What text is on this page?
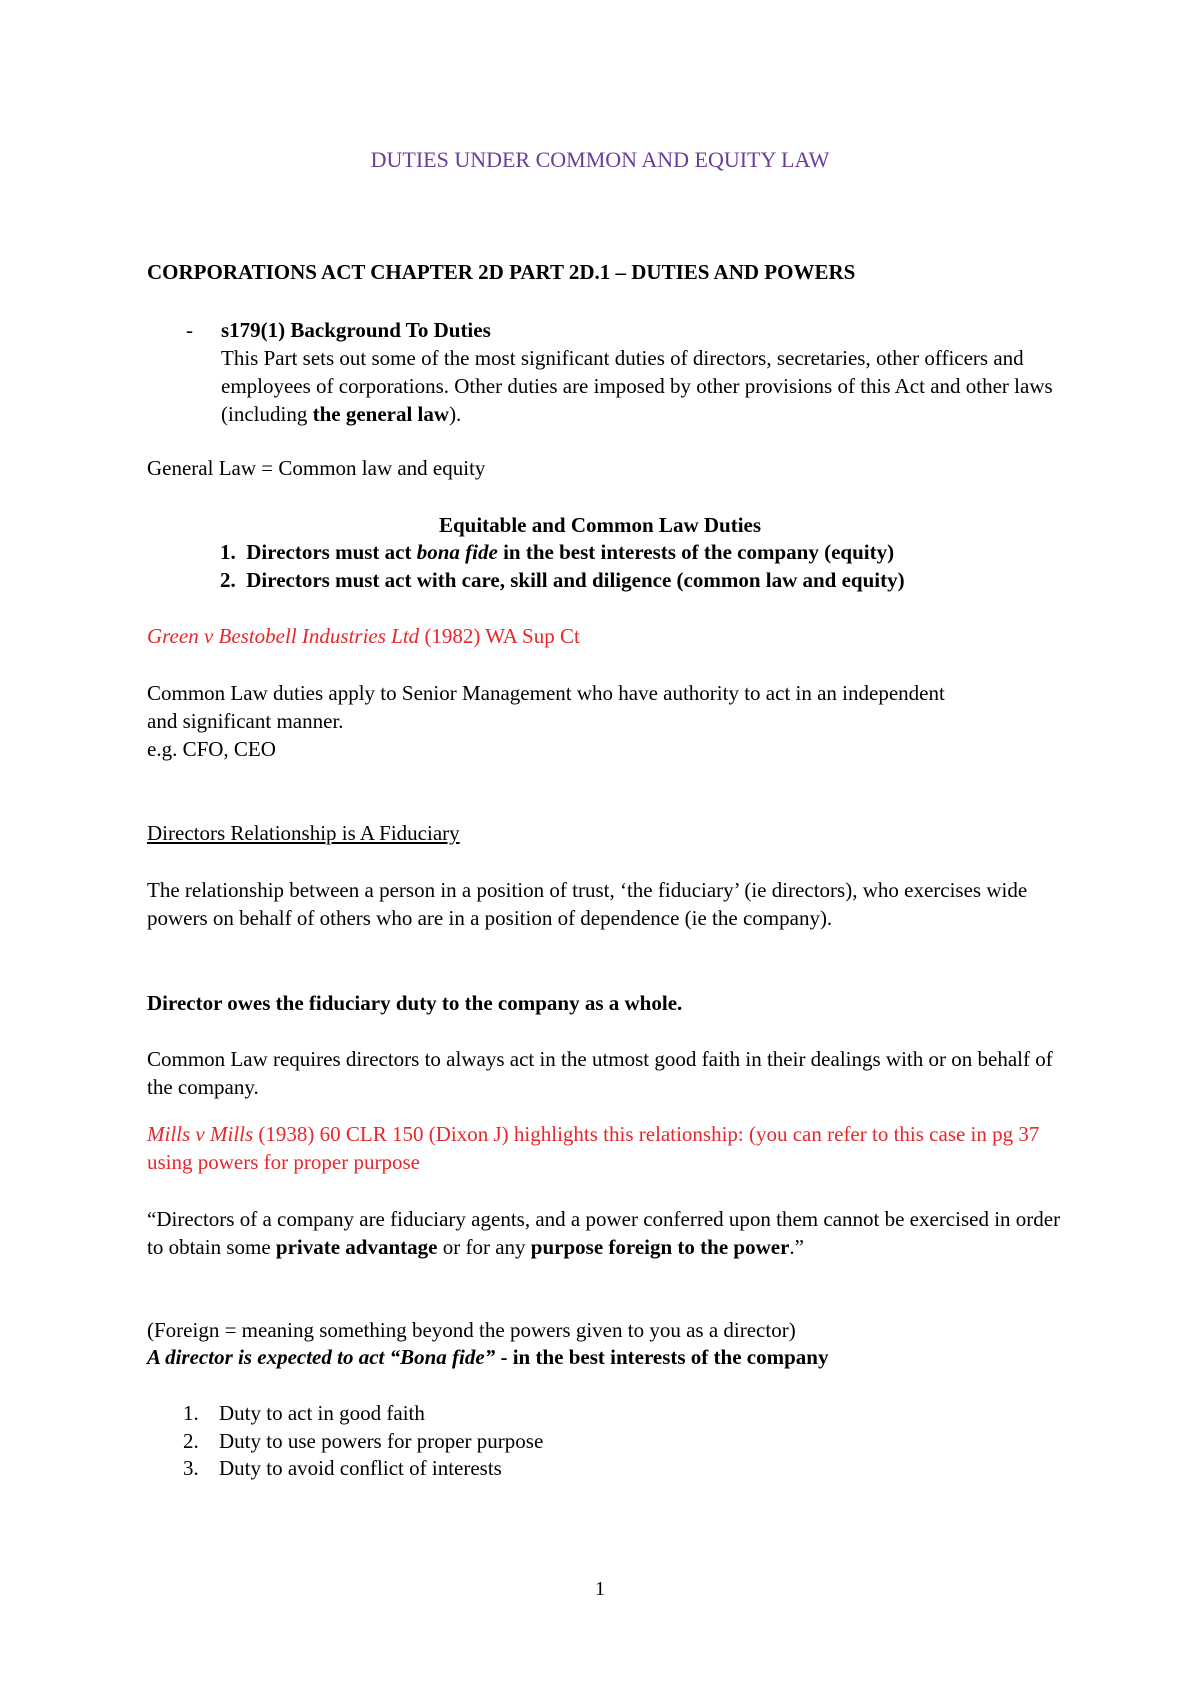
DUTIES UNDER COMMON AND EQUITY LAW
CORPORATIONS ACT CHAPTER 2D PART 2D.1 – DUTIES AND POWERS
- s179(1) Background To Duties
This Part sets out some of the most significant duties of directors, secretaries, other officers and employees of corporations. Other duties are imposed by other provisions of this Act and other laws (including the general law).
General Law = Common law and equity
Equitable and Common Law Duties
1. Directors must act bona fide in the best interests of the company (equity)
2. Directors must act with care, skill and diligence (common law and equity)
Green v Bestobell Industries Ltd (1982) WA Sup Ct
Common Law duties apply to Senior Management who have authority to act in an independent and significant manner.
e.g. CFO, CEO
Directors Relationship is A Fiduciary
The relationship between a person in a position of trust, ‘the fiduciary’ (ie directors), who exercises wide powers on behalf of others who are in a position of dependence (ie the company).
Director owes the fiduciary duty to the company as a whole.
Common Law requires directors to always act in the utmost good faith in their dealings with or on behalf of the company.
Mills v Mills (1938) 60 CLR 150 (Dixon J) highlights this relationship: (you can refer to this case in pg 37 using powers for proper purpose
“Directors of a company are fiduciary agents, and a power conferred upon them cannot be exercised in order to obtain some private advantage or for any purpose foreign to the power.”
(Foreign = meaning something beyond the powers given to you as a director)
A director is expected to act “Bona fide” - in the best interests of the company
1. Duty to act in good faith
2. Duty to use powers for proper purpose
3. Duty to avoid conflict of interests
1
